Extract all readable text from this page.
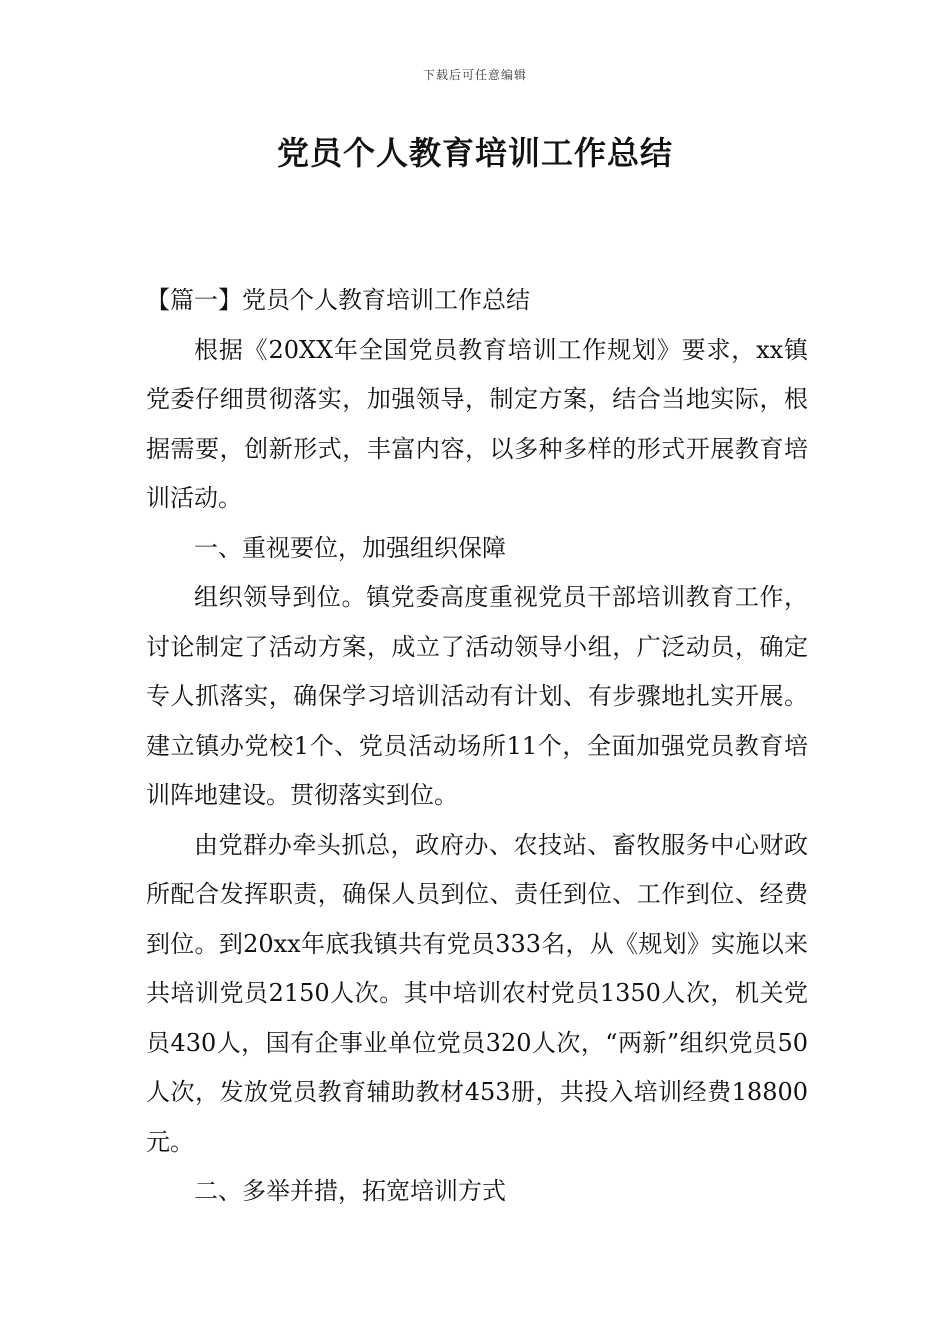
下载后可任意编辑
党员个人教育培训工作总结

【篇一】党员个人教育培训工作总结

根据《20XX年全国党员教育培训工作规划》要求，xx镇党委仔细贯彻落实，加强领导，制定方案，结合当地实际，根据需要，创新形式，丰富内容，以多种多样的形式开展教育培训活动。

一、重视要位，加强组织保障

组织领导到位。镇党委高度重视党员干部培训教育工作，讨论制定了活动方案，成立了活动领导小组，广泛动员，确定专人抓落实，确保学习培训活动有计划、有步骤地扎实开展。建立镇办党校1个、党员活动场所11个，全面加强党员教育培训阵地建设。贯彻落实到位。

由党群办牵头抓总，政府办、农技站、畜牧服务中心财政所配合发挥职责，确保人员到位、责任到位、工作到位、经费到位。到20xx年底我镇共有党员333名，从《规划》实施以来共培训党员2150人次。其中培训农村党员1350人次，机关党员430人，国有企事业单位党员320人次，“两新”组织党员50人次，发放党员教育辅助教材453册，共投入培训经费18800元。

二、多举并措，拓宽培训方式
